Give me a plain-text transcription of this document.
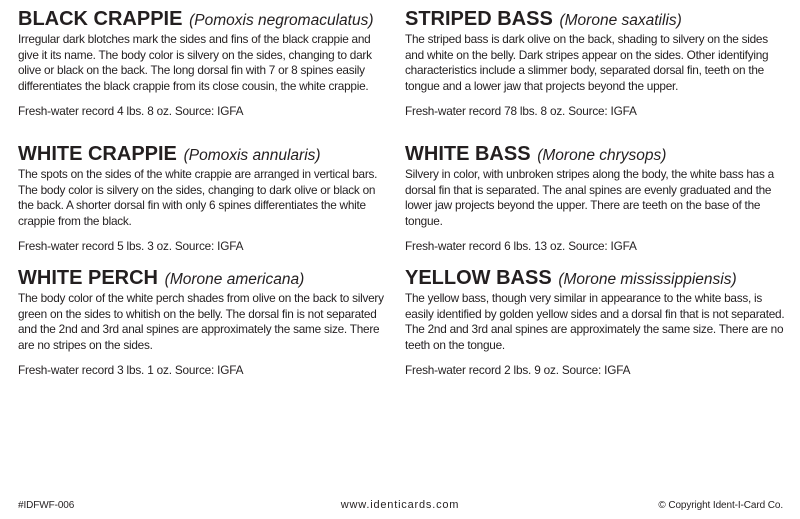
BLACK CRAPPIE (Pomoxis negromaculatus)

Irregular dark blotches mark the sides and fins of the black crappie and give it its name. The body color is silvery on the sides, changing to dark olive or black on the back. The long dorsal fin with 7 or 8 spines easily differentiates the black crappie from its close cousin, the white crappie.

Fresh-water record 4 lbs. 8 oz. Source: IGFA

WHITE CRAPPIE (Pomoxis annularis)

The spots on the sides of the white crappie are arranged in vertical bars. The body color is silvery on the sides, changing to dark olive or black on the back. A shorter dorsal fin with only 6 spines differentiates the white crappie from the black.

Fresh-water record 5 lbs. 3 oz. Source: IGFA

WHITE PERCH (Morone americana)

The body color of the white perch shades from olive on the back to silvery green on the sides to whitish on the belly. The dorsal fin is not separated and the 2nd and 3rd anal spines are approximately the same size. There are no stripes on the sides.

Fresh-water record 3 lbs. 1 oz. Source: IGFA

STRIPED BASS (Morone saxatilis)

The striped bass is dark olive on the back, shading to silvery on the sides and white on the belly. Dark stripes appear on the sides. Other identifying characteristics include a slimmer body, separated dorsal fin, teeth on the tongue and a lower jaw that projects beyond the upper.

Fresh-water record 78 lbs. 8 oz. Source: IGFA

WHITE BASS (Morone chrysops)

Silvery in color, with unbroken stripes along the body, the white bass has a dorsal fin that is separated. The anal spines are evenly graduated and the lower jaw projects beyond the upper. There are teeth on the base of the tongue.

Fresh-water record 6 lbs. 13 oz. Source: IGFA

YELLOW BASS (Morone mississippiensis)

The yellow bass, though very similar in appearance to the white bass, is easily identified by golden yellow sides and a dorsal fin that is not separated. The 2nd and 3rd anal spines are approximately the same size. There are no teeth on the tongue.

Fresh-water record 2 lbs. 9 oz. Source: IGFA

#IDFWF-006	www.identicards.com	© Copyright Ident-I-Card Co.
